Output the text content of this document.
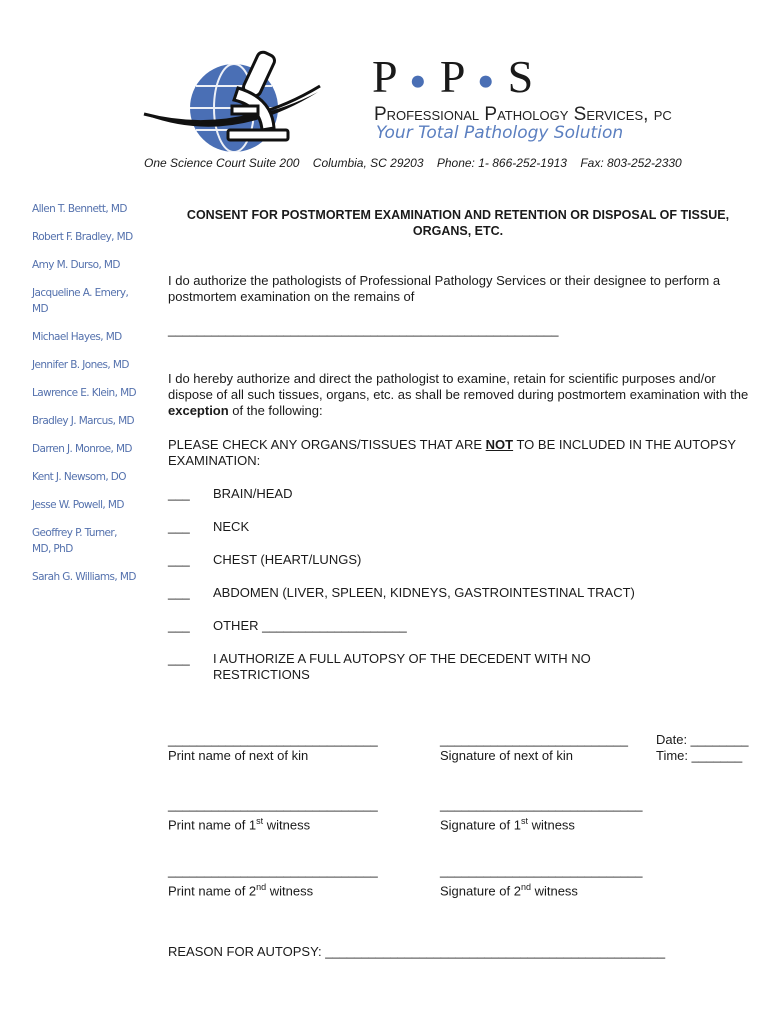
P ● P ● S
Professional Pathology Services, pc
Your Total Pathology Solution
One Science Court Suite 200 Columbia, SC 29203 Phone: 1- 866-252-1913 Fax: 803-252-2330
Allen T. Bennett, MD
Robert F. Bradley, MD
Amy M. Durso, MD
Jacqueline A. Emery, MD
Michael Hayes, MD
Jennifer B. Jones, MD
Lawrence E. Klein, MD
Bradley J. Marcus, MD
Darren J. Monroe, MD
Kent J. Newsom, DO
Jesse W. Powell, MD
Geoffrey P. Turner, MD, PhD
Sarah G. Williams, MD
CONSENT FOR POSTMORTEM EXAMINATION AND RETENTION OR DISPOSAL OF TISSUE, ORGANS, ETC.
I do authorize the pathologists of Professional Pathology Services or their designee to perform a postmortem examination on the remains of
______________________________________________________
I do hereby authorize and direct the pathologist to examine, retain for scientific purposes and/or dispose of all such tissues, organs, etc. as shall be removed during postmortem examination with the exception of the following:
PLEASE CHECK ANY ORGANS/TISSUES THAT ARE NOT TO BE INCLUDED IN THE AUTOPSY EXAMINATION:
___ BRAIN/HEAD
___ NECK
___ CHEST (HEART/LUNGS)
___ ABDOMEN (LIVER, SPLEEN, KIDNEYS, GASTROINTESTINAL TRACT)
___ OTHER ____________________
___	I AUTHORIZE A FULL AUTOPSY OF THE DECEDENT WITH NO RESTRICTIONS
_____________________________
Print name of next of kin
__________________________
Signature of next of kin
Date: ________
Time: _______
_____________________________
Print name of 1st witness
____________________________
Signature of 1st witness
_____________________________
Print name of 2nd witness
____________________________
Signature of 2nd witness
REASON FOR AUTOPSY: _______________________________________________
